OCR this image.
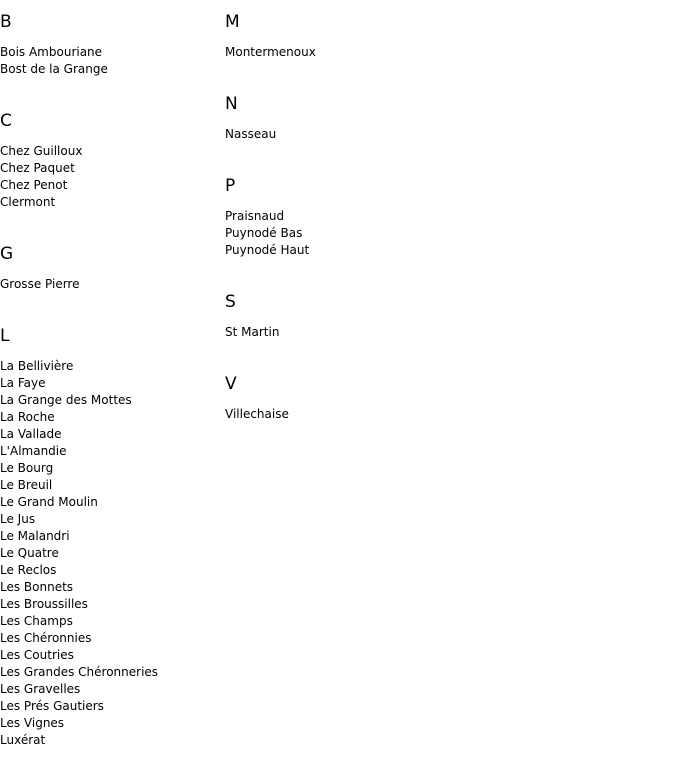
B
Bois Ambouriane
Bost de la Grange
C
Chez Guilloux
Chez Paquet
Chez Penot
Clermont
G
Grosse Pierre
L
La Bellivière
La Faye
La Grange des Mottes
La Roche
La Vallade
L'Almandie
Le Bourg
Le Breuil
Le Grand Moulin
Le Jus
Le Malandri
Le Quatre
Le Reclos
Les Bonnets
Les Broussilles
Les Champs
Les Chéronnies
Les Coutries
Les Grandes Chéronneries
Les Gravelles
Les Prés Gautiers
Les Vignes
Luxérat
M
Montermenoux
N
Nasseau
P
Praisnaud
Puynodé Bas
Puynodé Haut
S
St Martin
V
Villechaise
